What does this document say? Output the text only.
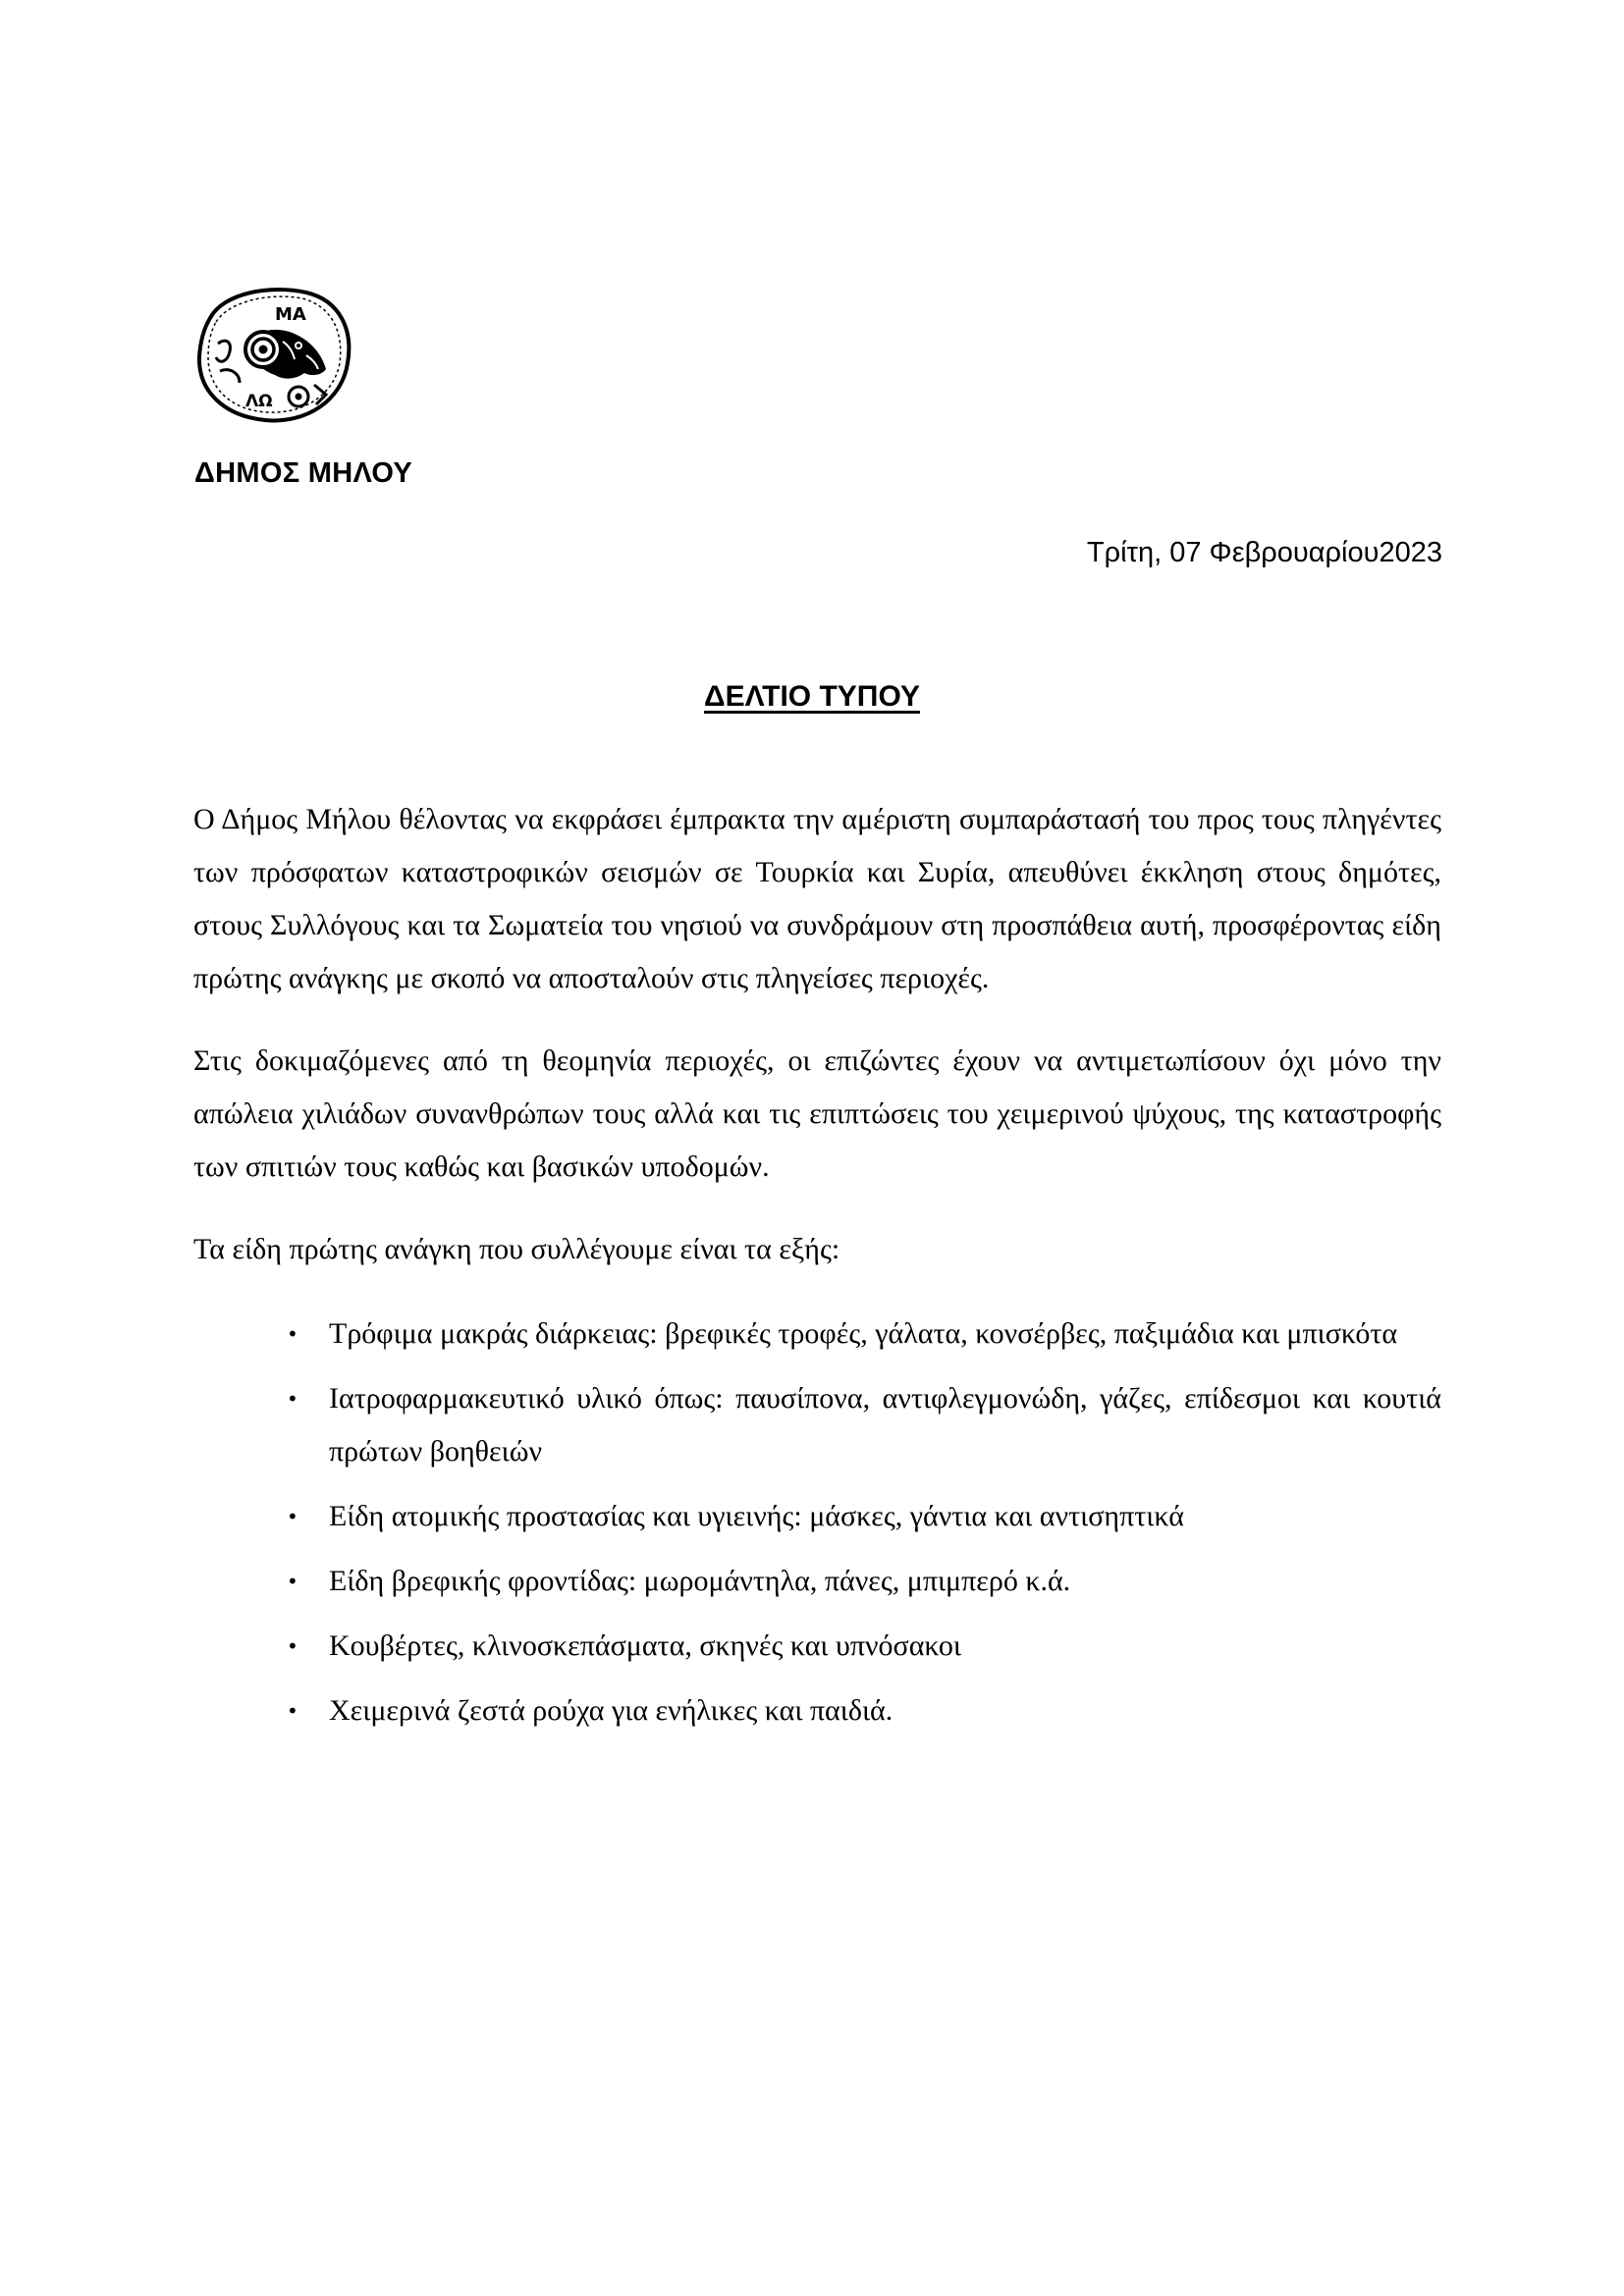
ΜΑ
ΛΩ

ΔΗΜΟΣ ΜΗΛΟΥ

Τρίτη, 07 Φεβρουαρίου2023

ΔΕΛΤΙΟ ΤΥΠΟΥ

Ο Δήμος Μήλου θέλοντας να εκφράσει έμπρακτα την αμέριστη συμπαράστασή του προς τους πληγέντες των πρόσφατων καταστροφικών σεισμών σε Τουρκία και Συρία, απευθύνει έκκληση στους δημότες, στους Συλλόγους και τα Σωματεία του νησιού να συνδράμουν στη προσπάθεια αυτή, προσφέροντας είδη πρώτης ανάγκης με σκοπό να αποσταλούν στις πληγείσες περιοχές.

Στις δοκιμαζόμενες από τη θεομηνία περιοχές, οι επιζώντες έχουν να αντιμετωπίσουν όχι μόνο την απώλεια χιλιάδων συνανθρώπων τους αλλά και τις επιπτώσεις του χειμερινού ψύχους, της καταστροφής των σπιτιών τους καθώς και βασικών υποδομών.

Τα είδη πρώτης ανάγκη που συλλέγουμε είναι τα εξής:

• Τρόφιμα μακράς διάρκειας: βρεφικές τροφές, γάλατα, κονσέρβες, παξιμάδια και μπισκότα
• Ιατροφαρμακευτικό υλικό όπως: παυσίπονα, αντιφλεγμονώδη, γάζες, επίδεσμοι και κουτιά πρώτων βοηθειών
• Είδη ατομικής προστασίας και υγιεινής: μάσκες, γάντια και αντισηπτικά
• Είδη βρεφικής φροντίδας: μωρομάντηλα, πάνες, μπιμπερό κ.ά.
• Κουβέρτες, κλινοσκεπάσματα, σκηνές και υπνόσακοι
• Χειμερινά ζεστά ρούχα για ενήλικες και παιδιά.
